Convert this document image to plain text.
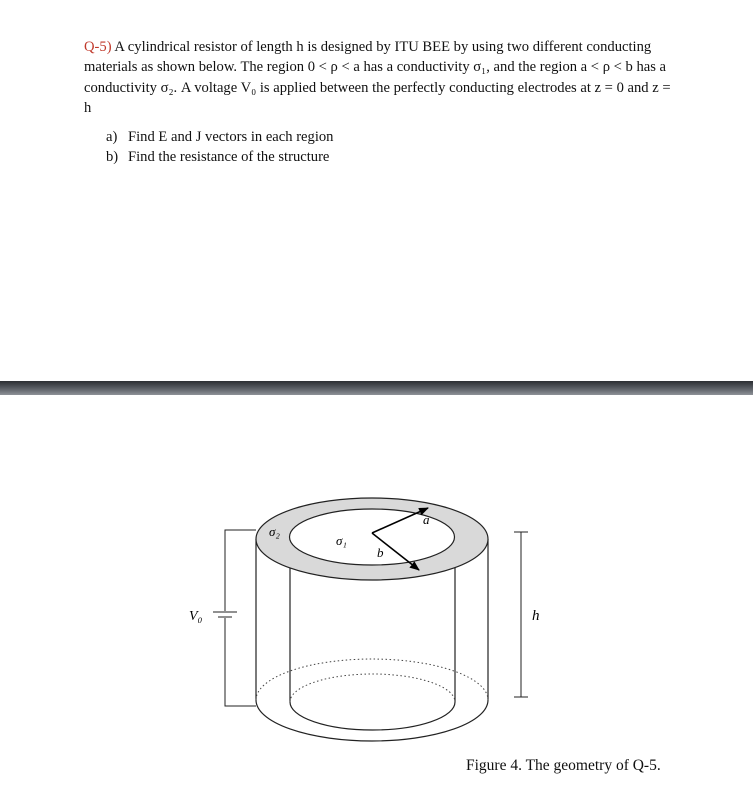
Q-5) A cylindrical resistor of length h is designed by ITU BEE by using two different conducting materials as shown below. The region 0 < ρ < a has a conductivity σ₁, and the region a < ρ < b has a conductivity σ₂. A voltage V₀ is applied between the perfectly conducting electrodes at z = 0 and z = h

a) Find E and J vectors in each region
b) Find the resistance of the structure
σ₂
σ₁
a
b
V₀	h

Figure 4. The geometry of Q-5.
